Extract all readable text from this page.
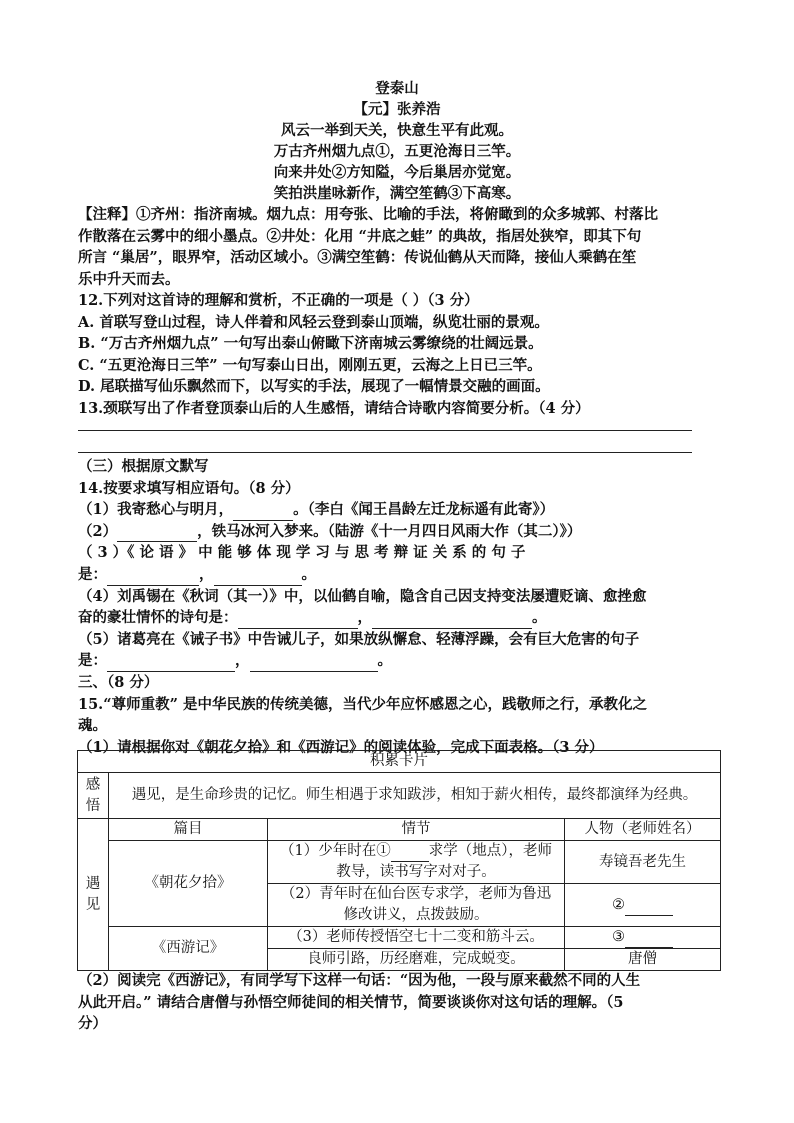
登泰山
【元】张养浩
风云一举到天关，快意生平有此观。
万古齐州烟九点①，五更沧海日三竿。
向来井处②方知隘，今后巢居亦觉宽。
笑拍洪崖咏新作，满空笙鹤③下高寒。
【注释】①齐州：指济南城。烟九点：用夸张、比喻的手法，将俯瞰到的众多城郭、村落比
作散落在云雾中的细小墨点。②井处：化用 “井底之蛙” 的典故，指居处狭窄，即其下句
所言 “巢居”，眼界窄，活动区域小。③满空笙鹤：传说仙鹤从天而降，接仙人乘鹤在笙
乐中升天而去。
12.下列对这首诗的理解和赏析，不正确的一项是（ ）（3 分）
A. 首联写登山过程，诗人伴着和风轻云登到泰山顶端，纵览壮丽的景观。
B. “万古齐州烟九点” 一句写出泰山俯瞰下济南城云雾缭绕的壮阔远景。
C. “五更沧海日三竿” 一句写泰山日出，刚刚五更，云海之上日已三竿。
D. 尾联描写仙乐飘然而下，以写实的手法，展现了一幅情景交融的画面。
13.颈联写出了作者登顶泰山后的人生感悟，请结合诗歌内容简要分析。（4 分）
（三）根据原文默写
14.按要求填写相应语句。（8 分）
（1）我寄愁心与明月，	。（李白《闻王昌龄左迁龙标遥有此寄》）
（2）	，铁马冰河入梦来。（陆游《十一月四日风雨大作（其二）》）
（ 3 ）《 论 语 》 中 能 够 体 现 学 习 与 思 考 辩 证 关 系 的 句 子
是：	，	。
（4）刘禹锡在《秋词（其一）》中，以仙鹤自喻，隐含自己因支持变法屡遭贬谪、愈挫愈
奋的豪壮情怀的诗句是：	，	。
（5）诸葛亮在《诫子书》中告诫儿子，如果放纵懈怠、轻薄浮躁，会有巨大危害的句子
是：	，	。
三、（8 分）
15.“尊师重教” 是中华民族的传统美德，当代少年应怀感恩之心，践敬师之行，承教化之
魂。
（1）请根据你对《朝花夕拾》和《西游记》的阅读体验，完成下面表格。（3 分）
积累卡片			
感悟	遇见，是生命珍贵的记忆。师生相遇于求知跋涉，相知于薪火相传，最终都演绎为经典。		
遇见	篇目	情节	人物（老师姓名）
	《朝花夕拾》	（1）少年时在① 求学（地点），老师教导，读书写字对对子。	寿镜吾老先生
		（2）青年时在仙台医专求学，老师为鲁迅修改讲义，点拨鼓励。	②
	《西游记》	（3）老师传授悟空七十二变和筋斗云。	③
		良师引路，历经磨难，完成蜕变。	唐僧
（2）阅读完《西游记》，有同学写下这样一句话：“因为他，一段与原来截然不同的人生
从此开启。” 请结合唐僧与孙悟空师徒间的相关情节，简要谈谈你对这句话的理解。（5
分）
